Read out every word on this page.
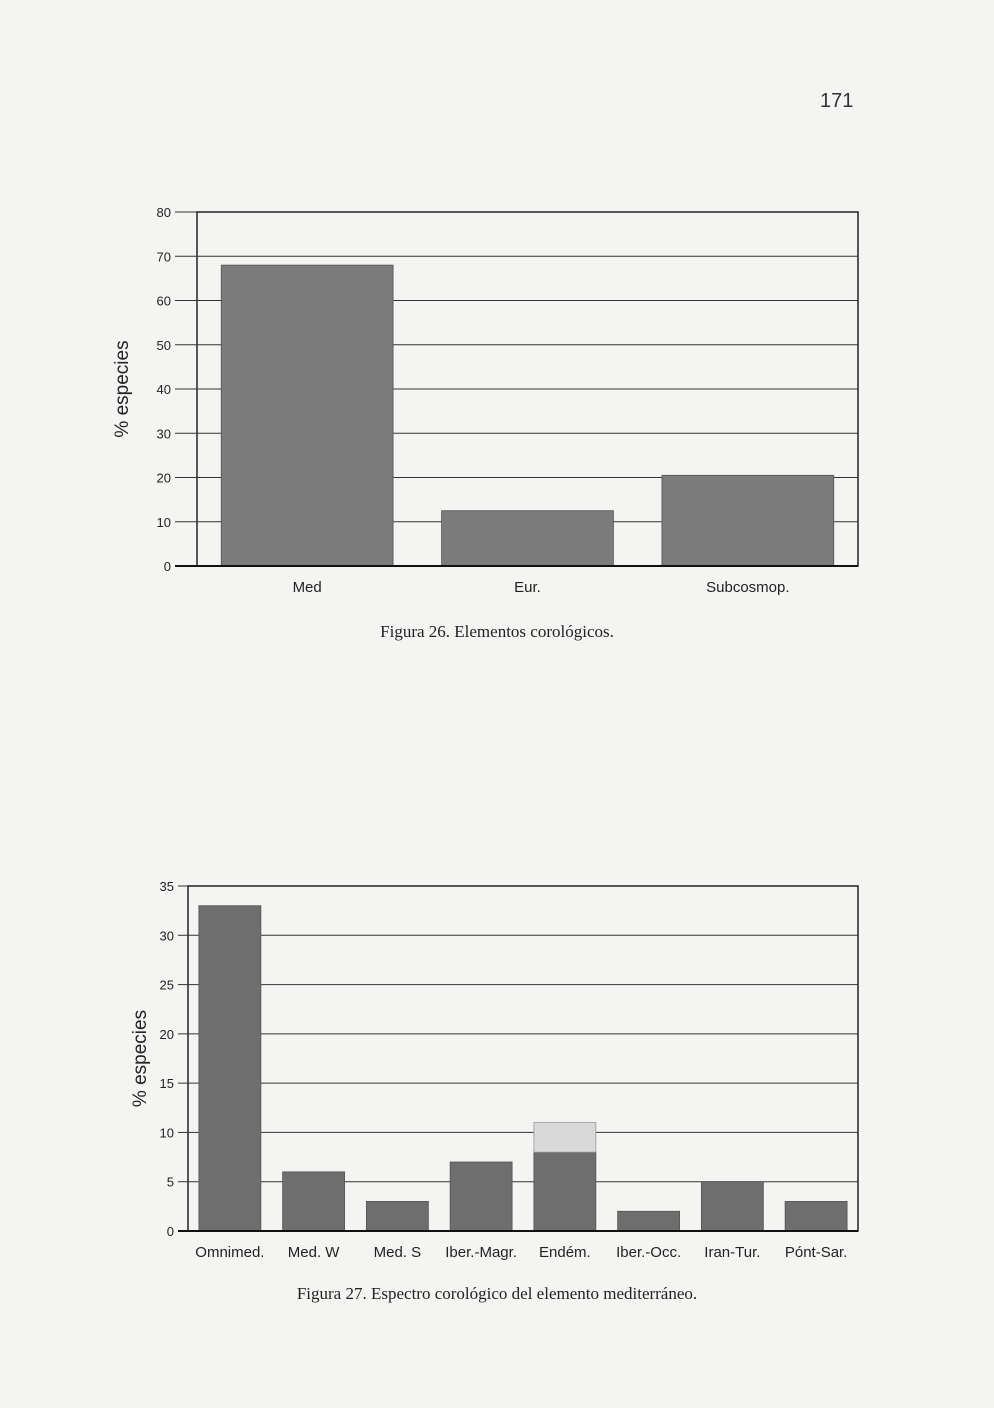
171
0
10
20
30
40
50
60
70
80
% especies
Med	Eur.	Subcosmop.
Figura 26. Elementos corológicos.
0
5
10
15
20
25
30
35
% especies
Omnimed. Med. W Med. S Iber.-Magr. Endém. Iber.-Occ. Iran-Tur. Pónt-Sar.
Figura 27. Espectro corológico del elemento mediterráneo.
